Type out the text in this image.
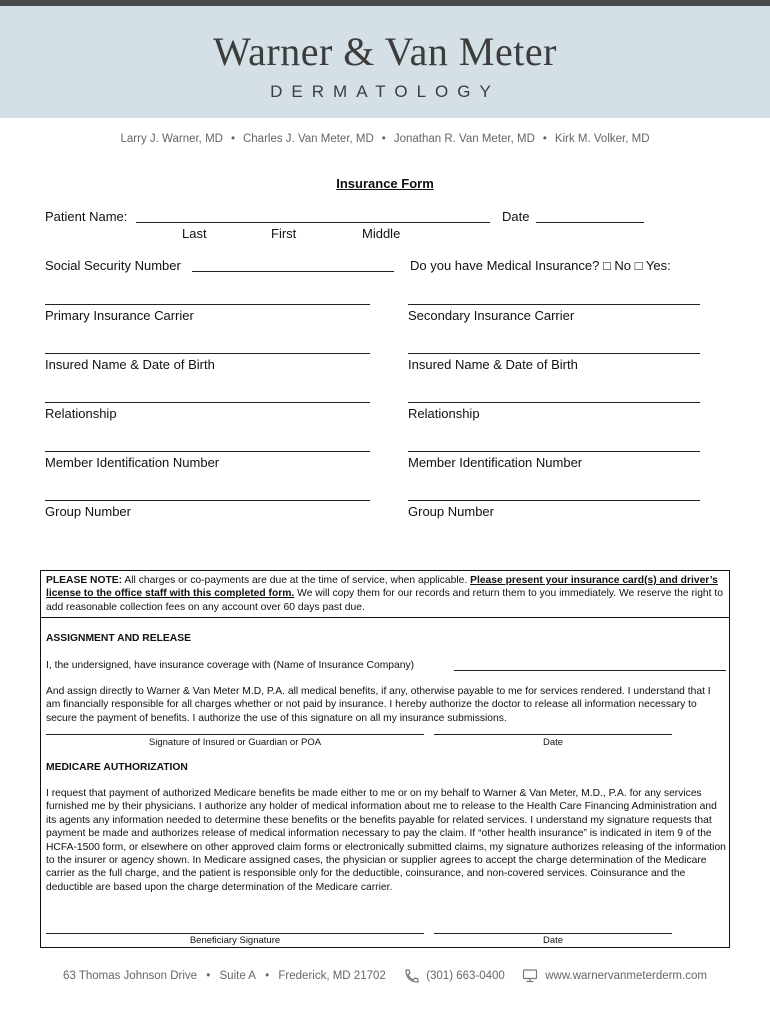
Warner & Van Meter
DERMATOLOGY
Larry J. Warner, MD • Charles J. Van Meter, MD • Jonathan R. Van Meter, MD • Kirk M. Volker, MD
Insurance Form
Patient Name:	Date
Last	First	Middle
Social Security Number	Do you have Medical Insurance? □ No □ Yes:
Primary Insurance Carrier	Secondary Insurance Carrier
Insured Name & Date of Birth	Insured Name & Date of Birth
Relationship	Relationship
Member Identification Number	Member Identification Number
Group Number	Group Number
PLEASE NOTE: All charges or co-payments are due at the time of service, when applicable. Please present your insurance card(s) and driver’s license to the office staff with this completed form. We will copy them for our records and return them to you immediately. We reserve the right to add reasonable collection fees on any account over 60 days past due.
ASSIGNMENT AND RELEASE
I, the undersigned, have insurance coverage with (Name of Insurance Company)
And assign directly to Warner & Van Meter M.D, P.A. all medical benefits, if any, otherwise payable to me for services rendered. I understand that I am financially responsible for all charges whether or not paid by insurance. I hereby authorize the doctor to release all information necessary to secure the payment of benefits. I authorize the use of this signature on all my insurance submissions.
Signature of Insured or Guardian or POA	Date
MEDICARE AUTHORIZATION
I request that payment of authorized Medicare benefits be made either to me or on my behalf to Warner & Van Meter, M.D., P.A. for any services furnished me by their physicians. I authorize any holder of medical information about me to release to the Health Care Financing Administration and its agents any information needed to determine these benefits or the benefits payable for related services. I understand my signature requests that payment be made and authorizes release of medical information necessary to pay the claim. If “other health insurance” is indicated in item 9 of the HCFA-1500 form, or elsewhere on other approved claim forms or electronically submitted claims, my signature authorizes releasing of the information to the insurer or agency shown. In Medicare assigned cases, the physician or supplier agrees to accept the charge determination of the Medicare carrier as the full charge, and the patient is responsible only for the deductible, coinsurance, and non-covered services. Coinsurance and the deductible are based upon the charge determination of the Medicare carrier.
Beneficiary Signature	Date
63 Thomas Johnson Drive • Suite A • Frederick, MD 21702	(301) 663-0400	www.warnervanmeterderm.com
